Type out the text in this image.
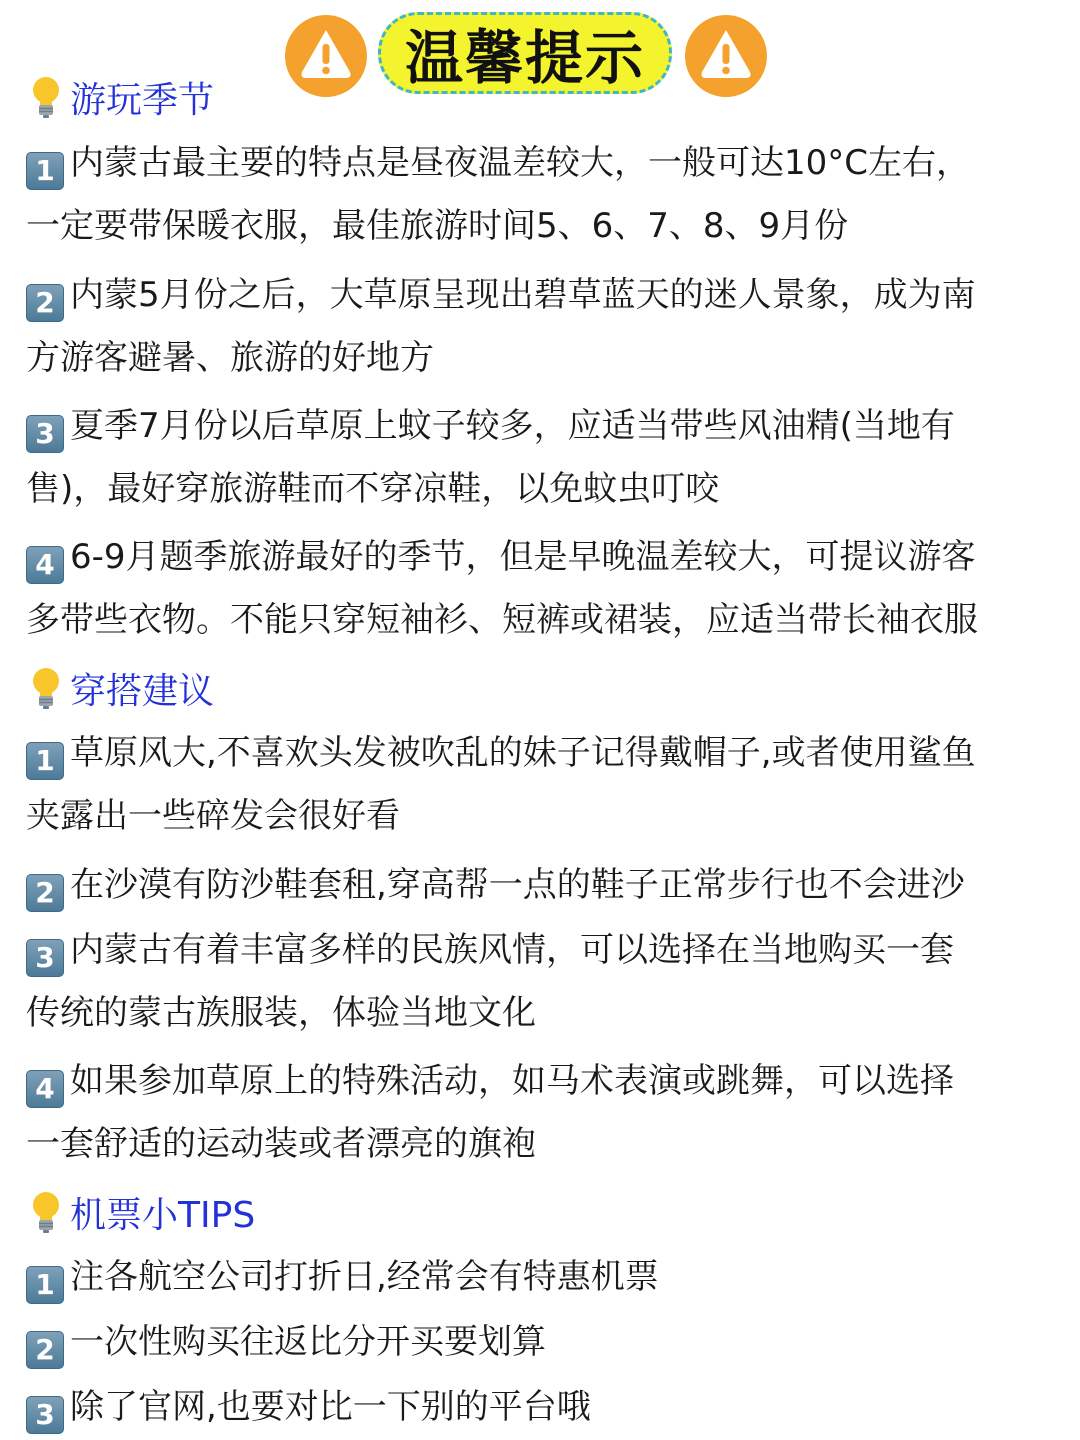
温馨提示
游玩季节
1 内蒙古最主要的特点是昼夜温差较大，一般可达10°C左右，
一定要带保暖衣服，最佳旅游时间5、6、7、8、9月份
2 内蒙5月份之后，大草原呈现出碧草蓝天的迷人景象，成为南
方游客避暑、旅游的好地方
3 夏季7月份以后草原上蚊子较多，应适当带些风油精(当地有
售)，最好穿旅游鞋而不穿凉鞋，以免蚊虫叮咬
4 6-9月题季旅游最好的季节，但是早晚温差较大，可提议游客
多带些衣物。不能只穿短袖衫、短裤或裙装，应适当带长袖衣服
穿搭建议
1 草原风大,不喜欢头发被吹乱的妹子记得戴帽子,或者使用鲨鱼
夹露出一些碎发会很好看
2 在沙漠有防沙鞋套租,穿高帮一点的鞋子正常步行也不会进沙
3 内蒙古有着丰富多样的民族风情，可以选择在当地购买一套
传统的蒙古族服装，体验当地文化
4 如果参加草原上的特殊活动，如马术表演或跳舞，可以选择
一套舒适的运动装或者漂亮的旗袍
机票小TIPS
1 注各航空公司打折日,经常会有特惠机票
2 一次性购买往返比分开买要划算
3 除了官网,也要对比一下别的平台哦
